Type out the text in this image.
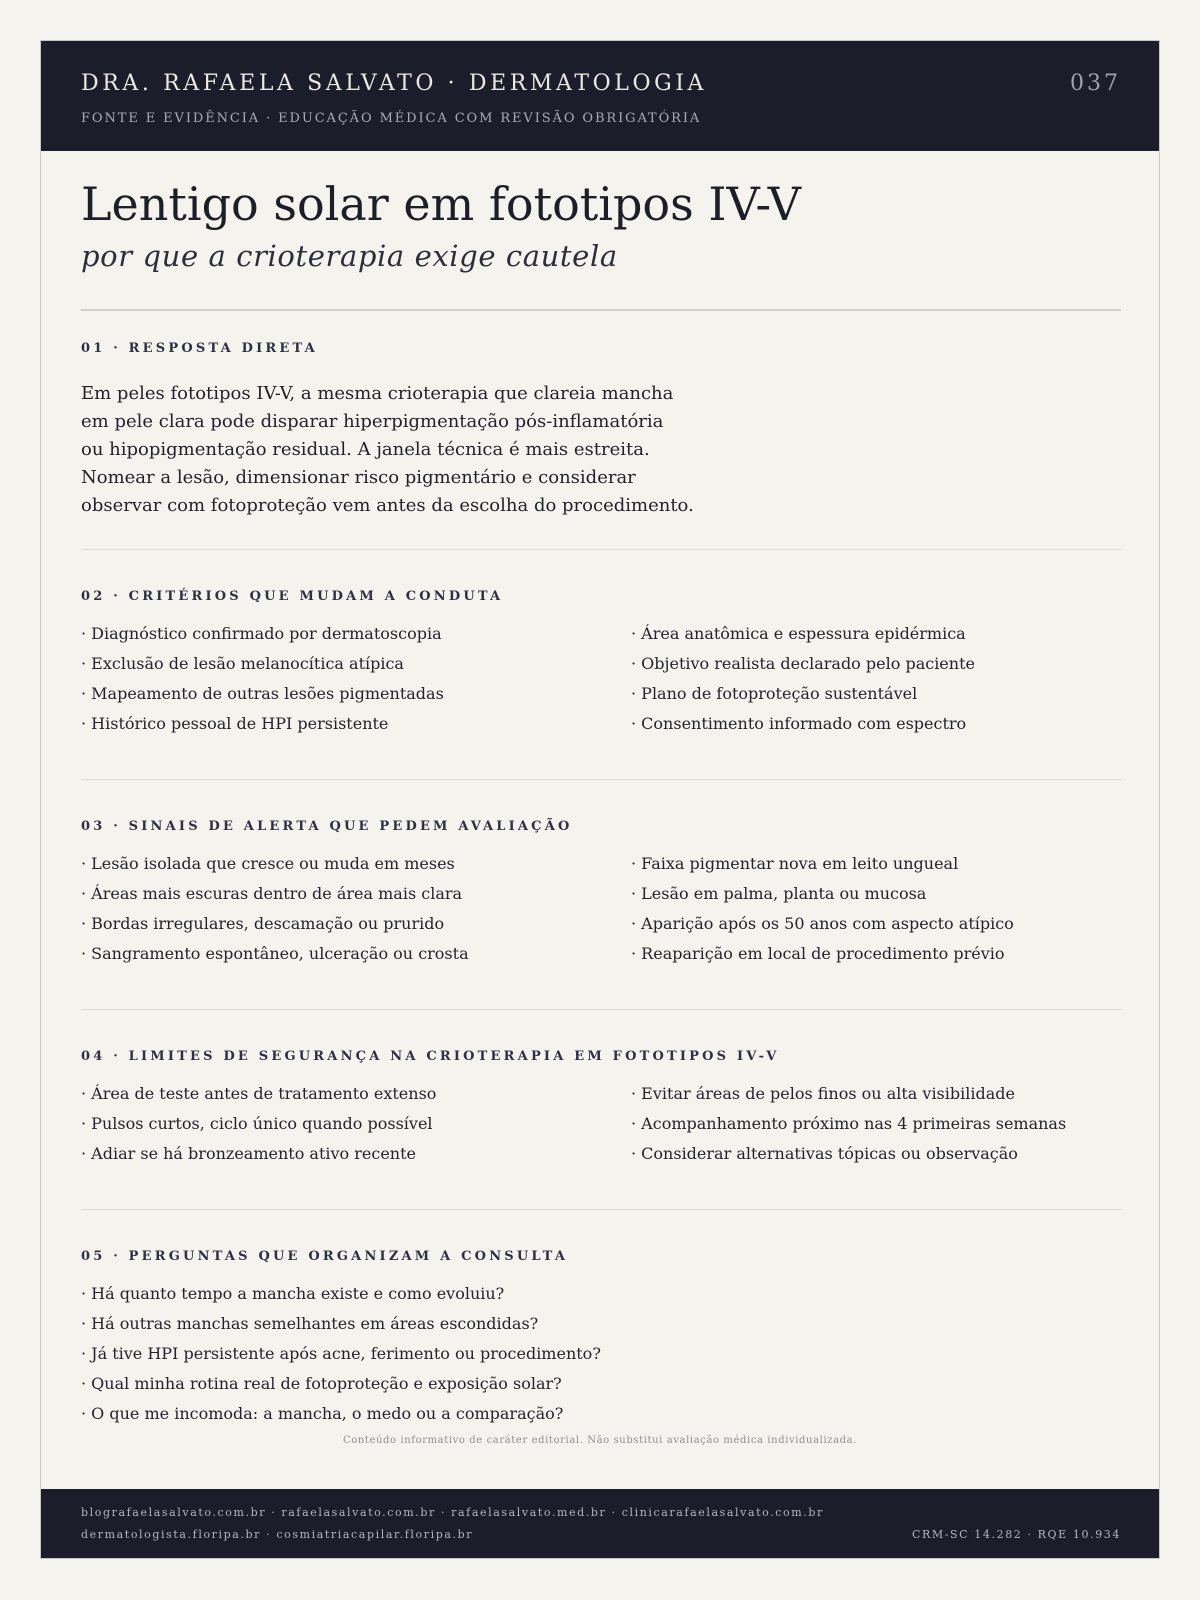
DRA. RAFAELA SALVATO · DERMATOLOGIA
FONTE E EVIDÊNCIA · EDUCAÇÃO MÉDICA COM REVISÃO OBRIGATÓRIA
037
Lentigo solar em fototipos IV-V
por que a crioterapia exige cautela
01 · RESPOSTA DIRETA
Em peles fototipos IV-V, a mesma crioterapia que clareia mancha
em pele clara pode disparar hiperpigmentação pós-inflamatória
ou hipopigmentação residual. A janela técnica é mais estreita.
Nomear a lesão, dimensionar risco pigmentário e considerar
observar com fotoproteção vem antes da escolha do procedimento.
02 · CRITÉRIOS QUE MUDAM A CONDUTA
· Diagnóstico confirmado por dermatoscopia
· Exclusão de lesão melanocítica atípica
· Mapeamento de outras lesões pigmentadas
· Histórico pessoal de HPI persistente
· Área anatômica e espessura epidérmica
· Objetivo realista declarado pelo paciente
· Plano de fotoproteção sustentável
· Consentimento informado com espectro
03 · SINAIS DE ALERTA QUE PEDEM AVALIAÇÃO
· Lesão isolada que cresce ou muda em meses
· Áreas mais escuras dentro de área mais clara
· Bordas irregulares, descamação ou prurido
· Sangramento espontâneo, ulceração ou crosta
· Faixa pigmentar nova em leito ungueal
· Lesão em palma, planta ou mucosa
· Aparição após os 50 anos com aspecto atípico
· Reaparição em local de procedimento prévio
04 · LIMITES DE SEGURANÇA NA CRIOTERAPIA EM FOTOTIPOS IV-V
· Área de teste antes de tratamento extenso
· Pulsos curtos, ciclo único quando possível
· Adiar se há bronzeamento ativo recente
· Evitar áreas de pelos finos ou alta visibilidade
· Acompanhamento próximo nas 4 primeiras semanas
· Considerar alternativas tópicas ou observação
05 · PERGUNTAS QUE ORGANIZAM A CONSULTA
· Há quanto tempo a mancha existe e como evoluiu?
· Há outras manchas semelhantes em áreas escondidas?
· Já tive HPI persistente após acne, ferimento ou procedimento?
· Qual minha rotina real de fotoproteção e exposição solar?
· O que me incomoda: a mancha, o medo ou a comparação?
Conteúdo informativo de caráter editorial. Não substitui avaliação médica individualizada.
blografaelasalvato.com.br · rafaelasalvato.com.br · rafaelasalvato.med.br · clinicarafaelasalvato.com.br
dermatologista.floripa.br · cosmiatriacapilar.floripa.br	CRM-SC 14.282 · RQE 10.934
